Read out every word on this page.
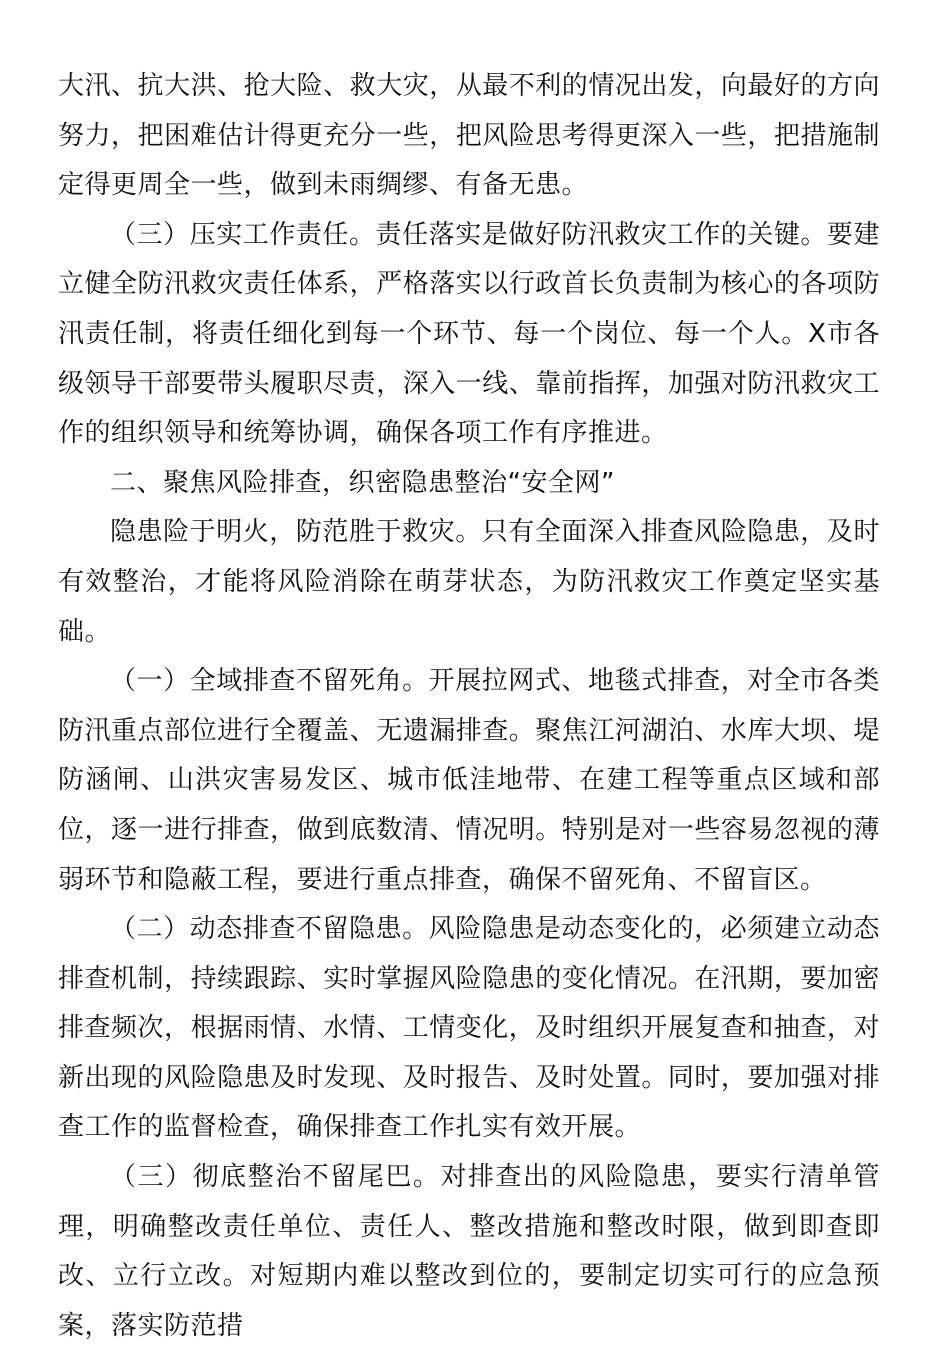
大汛、抗大洪、抢大险、救大灾，从最不利的情况出发，向最好的方向努力，把困难估计得更充分一些，把风险思考得更深入一些，把措施制定得更周全一些，做到未雨绸缪、有备无患。

（三）压实工作责任。责任落实是做好防汛救灾工作的关键。要建立健全防汛救灾责任体系，严格落实以行政首长负责制为核心的各项防汛责任制，将责任细化到每一个环节、每一个岗位、每一个人。X市各级领导干部要带头履职尽责，深入一线、靠前指挥，加强对防汛救灾工作的组织领导和统筹协调，确保各项工作有序推进。

二、聚焦风险排查，织密隐患整治“安全网”

隐患险于明火，防范胜于救灾。只有全面深入排查风险隐患，及时有效整治，才能将风险消除在萌芽状态，为防汛救灾工作奠定坚实基础。

（一）全域排查不留死角。开展拉网式、地毯式排查，对全市各类防汛重点部位进行全覆盖、无遗漏排查。聚焦江河湖泊、水库大坝、堤防涵闸、山洪灾害易发区、城市低洼地带、在建工程等重点区域和部位，逐一进行排查，做到底数清、情况明。特别是对一些容易忽视的薄弱环节和隐蔽工程，要进行重点排查，确保不留死角、不留盲区。

（二）动态排查不留隐患。风险隐患是动态变化的，必须建立动态排查机制，持续跟踪、实时掌握风险隐患的变化情况。在汛期，要加密排查频次，根据雨情、水情、工情变化，及时组织开展复查和抽查，对新出现的风险隐患及时发现、及时报告、及时处置。同时，要加强对排查工作的监督检查，确保排查工作扎实有效开展。

（三）彻底整治不留尾巴。对排查出的风险隐患，要实行清单管理，明确整改责任单位、责任人、整改措施和整改时限，做到即查即改、立行立改。对短期内难以整改到位的，要制定切实可行的应急预案，落实防范措
